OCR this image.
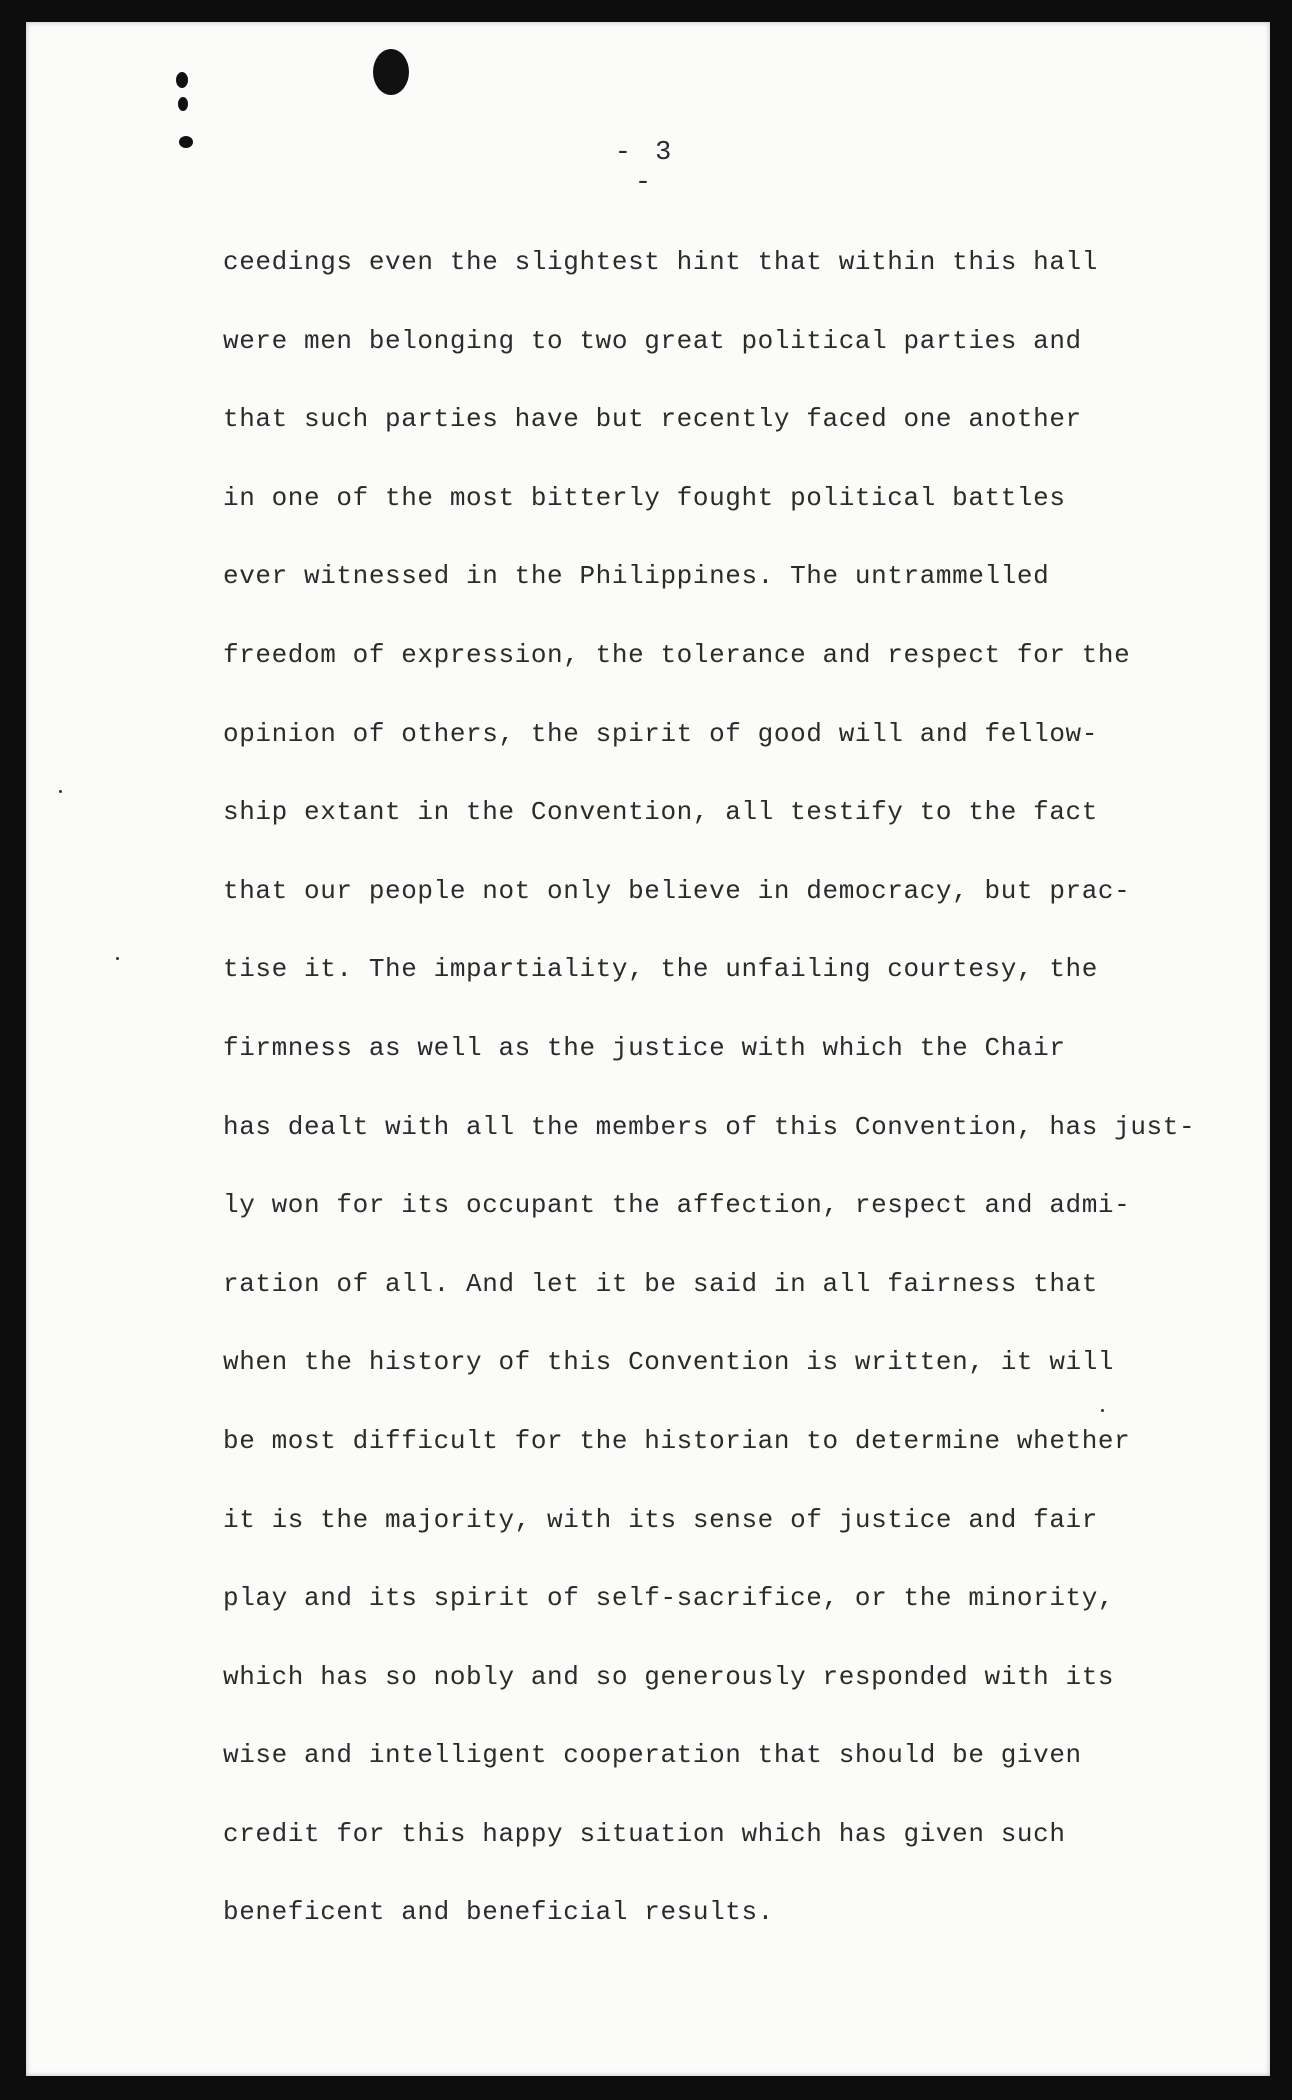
- 3 -
ceedings even the slightest hint that within this hall
were men belonging to two great political parties and
that such parties have but recently faced one another
in one of the most bitterly fought political battles
ever witnessed in the Philippines. The untrammelled
freedom of expression, the tolerance and respect for the
opinion of others, the spirit of good will and fellow-
ship extant in the Convention, all testify to the fact
that our people not only believe in democracy, but prac-
tise it. The impartiality, the unfailing courtesy, the
firmness as well as the justice with which the Chair
has dealt with all the members of this Convention, has just-
ly won for its occupant the affection, respect and admi-
ration of all. And let it be said in all fairness that
when the history of this Convention is written, it will
be most difficult for the historian to determine whether
it is the majority, with its sense of justice and fair
play and its spirit of self-sacrifice, or the minority,
which has so nobly and so generously responded with its
wise and intelligent cooperation that should be given
credit for this happy situation which has given such
beneficent and beneficial results.
